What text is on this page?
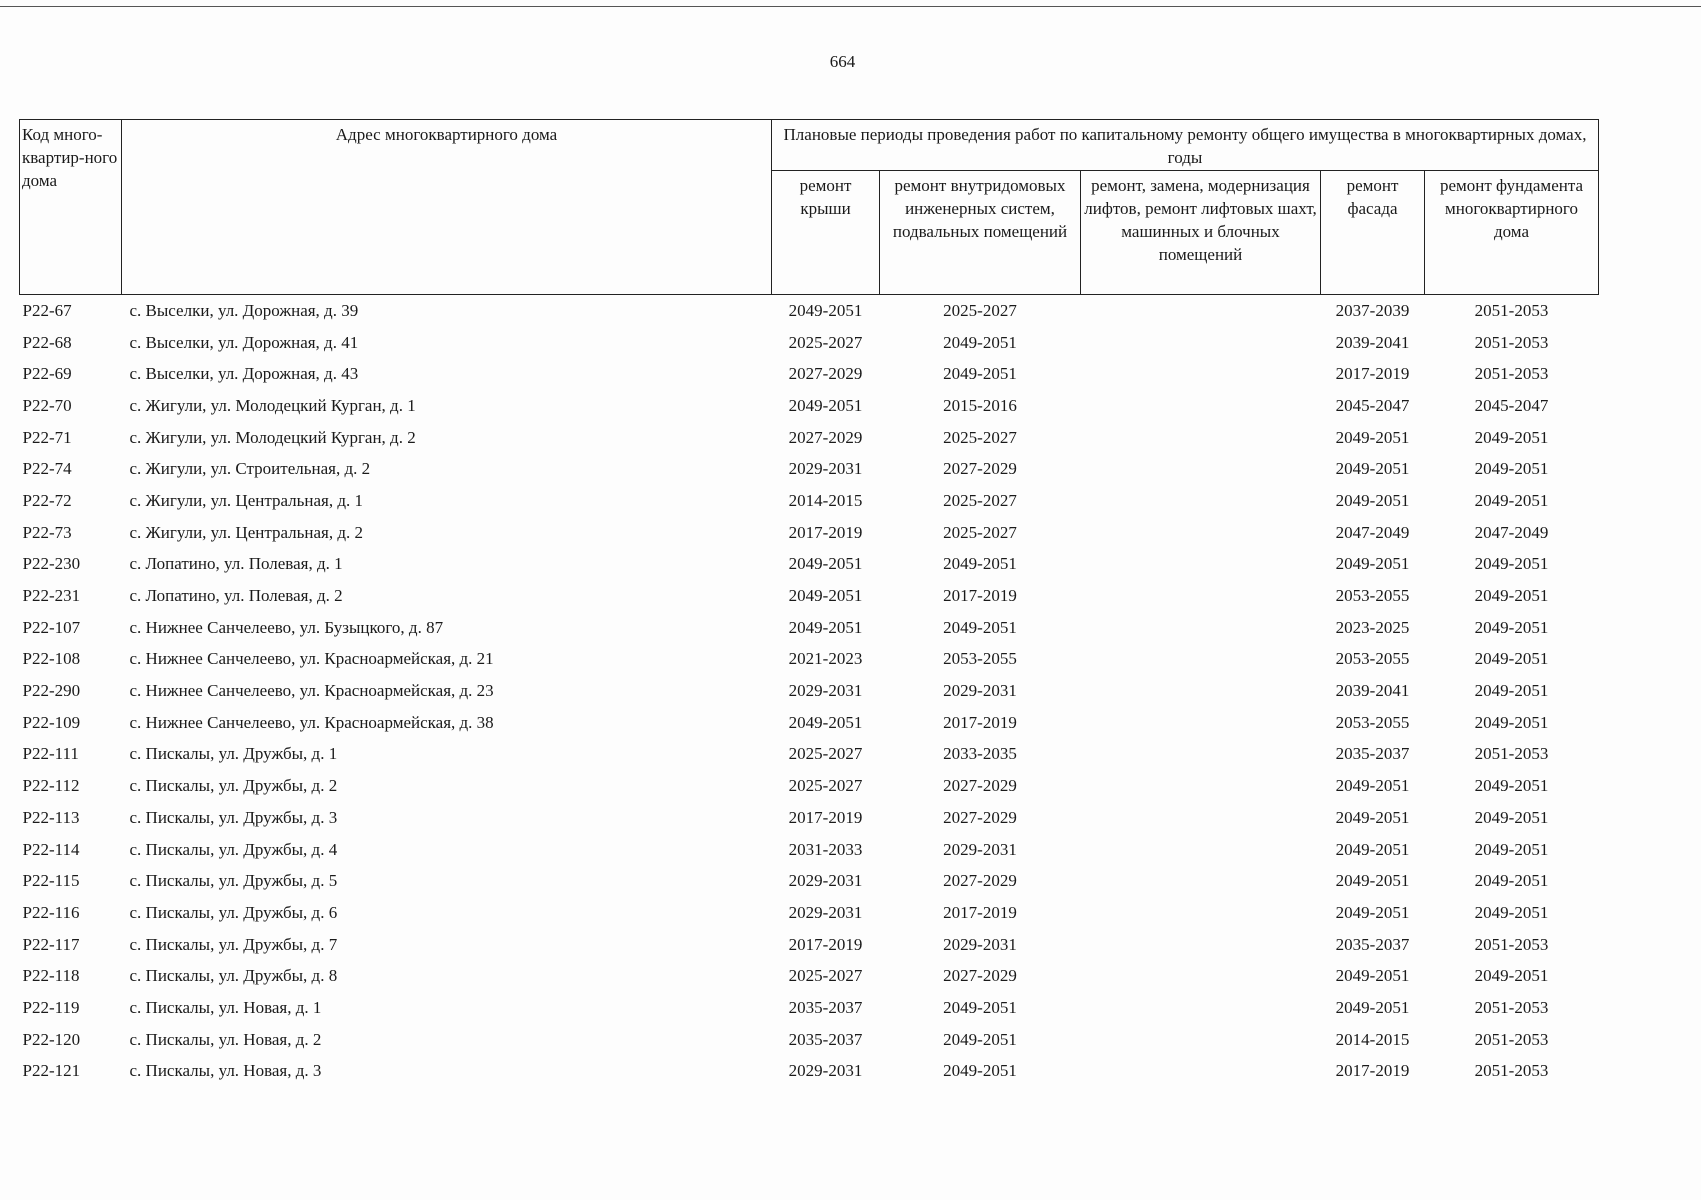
664
Код много-квартир-ного дома	Адрес многоквартирного дома	Плановые периоды проведения работ по капитальному ремонту общего имущества в многоквартирных домах, годы				
		ремонт крыши	ремонт внутридомовых инженерных систем, подвальных помещений	ремонт, замена, модернизация лифтов, ремонт лифтовых шахт, машинных и блочных помещений	ремонт фасада	ремонт фундамента многоквартирного дома
P22-67	с. Выселки, ул. Дорожная, д. 39	2049-2051	2025-2027		2037-2039	2051-2053
P22-68	с. Выселки, ул. Дорожная, д. 41	2025-2027	2049-2051		2039-2041	2051-2053
P22-69	с. Выселки, ул. Дорожная, д. 43	2027-2029	2049-2051		2017-2019	2051-2053
P22-70	с. Жигули, ул. Молодецкий Курган, д. 1	2049-2051	2015-2016		2045-2047	2045-2047
P22-71	с. Жигули, ул. Молодецкий Курган, д. 2	2027-2029	2025-2027		2049-2051	2049-2051
P22-74	с. Жигули, ул. Строительная, д. 2	2029-2031	2027-2029		2049-2051	2049-2051
P22-72	с. Жигули, ул. Центральная, д. 1	2014-2015	2025-2027		2049-2051	2049-2051
P22-73	с. Жигули, ул. Центральная, д. 2	2017-2019	2025-2027		2047-2049	2047-2049
P22-230	с. Лопатино, ул. Полевая, д. 1	2049-2051	2049-2051		2049-2051	2049-2051
P22-231	с. Лопатино, ул. Полевая, д. 2	2049-2051	2017-2019		2053-2055	2049-2051
P22-107	с. Нижнее Санчелеево, ул. Бузыцкого, д. 87	2049-2051	2049-2051		2023-2025	2049-2051
P22-108	с. Нижнее Санчелеево, ул. Красноармейская, д. 21	2021-2023	2053-2055		2053-2055	2049-2051
P22-290	с. Нижнее Санчелеево, ул. Красноармейская, д. 23	2029-2031	2029-2031		2039-2041	2049-2051
P22-109	с. Нижнее Санчелеево, ул. Красноармейская, д. 38	2049-2051	2017-2019		2053-2055	2049-2051
P22-111	с. Пискалы, ул. Дружбы, д. 1	2025-2027	2033-2035		2035-2037	2051-2053
P22-112	с. Пискалы, ул. Дружбы, д. 2	2025-2027	2027-2029		2049-2051	2049-2051
P22-113	с. Пискалы, ул. Дружбы, д. 3	2017-2019	2027-2029		2049-2051	2049-2051
P22-114	с. Пискалы, ул. Дружбы, д. 4	2031-2033	2029-2031		2049-2051	2049-2051
P22-115	с. Пискалы, ул. Дружбы, д. 5	2029-2031	2027-2029		2049-2051	2049-2051
P22-116	с. Пискалы, ул. Дружбы, д. 6	2029-2031	2017-2019		2049-2051	2049-2051
P22-117	с. Пискалы, ул. Дружбы, д. 7	2017-2019	2029-2031		2035-2037	2051-2053
P22-118	с. Пискалы, ул. Дружбы, д. 8	2025-2027	2027-2029		2049-2051	2049-2051
P22-119	с. Пискалы, ул. Новая, д. 1	2035-2037	2049-2051		2049-2051	2051-2053
P22-120	с. Пискалы, ул. Новая, д. 2	2035-2037	2049-2051		2014-2015	2051-2053
P22-121	с. Пискалы, ул. Новая, д. 3	2029-2031	2049-2051		2017-2019	2051-2053
